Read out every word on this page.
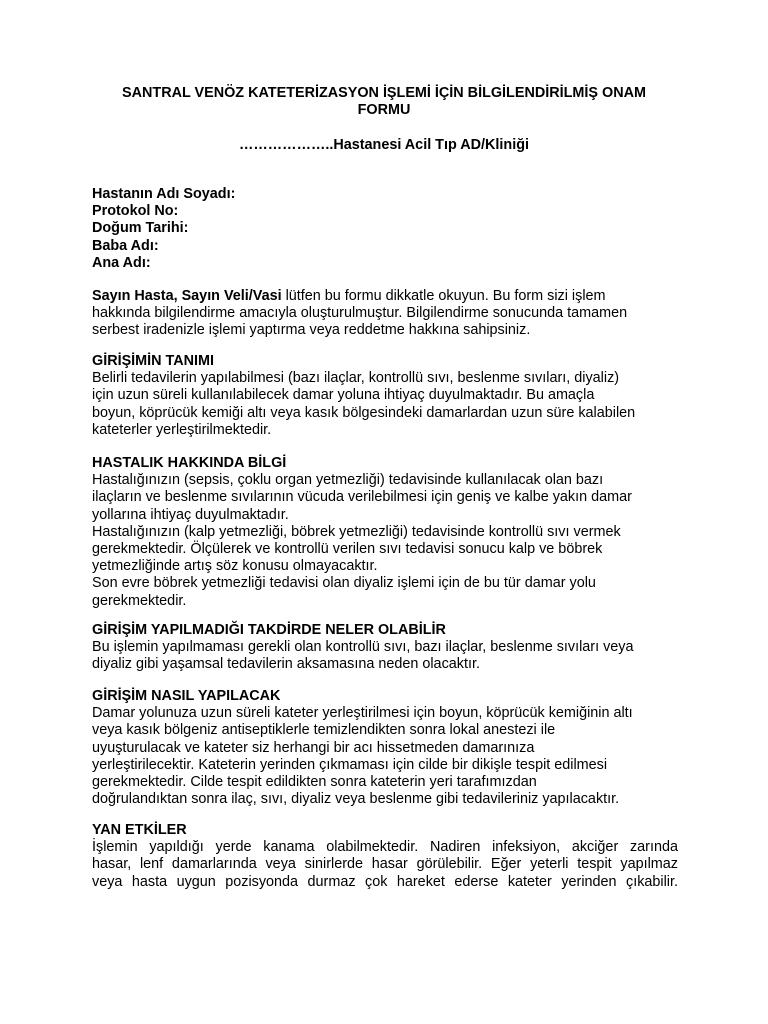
SANTRAL VENÖZ KATETERİZASYON İŞLEMİ İÇİN BİLGİLENDİRİLMİŞ ONAM
FORMU
………………..Hastanesi Acil Tıp AD/Kliniği
Hastanın Adı Soyadı:
Protokol No:
Doğum Tarihi:
Baba Adı:
Ana Adı:
Sayın Hasta, Sayın Veli/Vasi lütfen bu formu dikkatle okuyun. Bu form sizi işlem
hakkında bilgilendirme amacıyla oluşturulmuştur. Bilgilendirme sonucunda tamamen
serbest iradenizle işlemi yaptırma veya reddetme hakkına sahipsiniz.
GİRİŞİMİN TANIMI
Belirli tedavilerin yapılabilmesi (bazı ilaçlar, kontrollü sıvı, beslenme sıvıları, diyaliz)
için uzun süreli kullanılabilecek damar yoluna ihtiyaç duyulmaktadır. Bu amaçla
boyun, köprücük kemiği altı veya kasık bölgesindeki damarlardan uzun süre kalabilen
kateterler yerleştirilmektedir.
HASTALIK HAKKINDA BİLGİ
Hastalığınızın (sepsis, çoklu organ yetmezliği) tedavisinde kullanılacak olan bazı
ilaçların ve beslenme sıvılarının vücuda verilebilmesi için geniş ve kalbe yakın damar
yollarına ihtiyaç duyulmaktadır.
Hastalığınızın (kalp yetmezliği, böbrek yetmezliği) tedavisinde kontrollü sıvı vermek
gerekmektedir. Ölçülerek ve kontrollü verilen sıvı tedavisi sonucu kalp ve böbrek
yetmezliğinde artış söz konusu olmayacaktır.
Son evre böbrek yetmezliği tedavisi olan diyaliz işlemi için de bu tür damar yolu
gerekmektedir.
GİRİŞİM YAPILMADIĞI TAKDİRDE NELER OLABİLİR
Bu işlemin yapılmaması gerekli olan kontrollü sıvı, bazı ilaçlar, beslenme sıvıları veya
diyaliz gibi yaşamsal tedavilerin aksamasına neden olacaktır.
GİRİŞİM NASIL YAPILACAK
Damar yolunuza uzun süreli kateter yerleştirilmesi için boyun, köprücük kemiğinin altı
veya kasık bölgeniz antiseptiklerle temizlendikten sonra lokal anestezi ile
uyuşturulacak ve kateter siz herhangi bir acı hissetmeden damarınıza
yerleştirilecektir. Kateterin yerinden çıkmaması için cilde bir dikişle tespit edilmesi
gerekmektedir. Cilde tespit edildikten sonra kateterin yeri tarafımızdan
doğrulandıktan sonra ilaç, sıvı, diyaliz veya beslenme gibi tedavileriniz yapılacaktır.
YAN ETKİLER
İşlemin yapıldığı yerde kanama olabilmektedir. Nadiren infeksiyon, akciğer zarında
hasar, lenf damarlarında veya sinirlerde hasar görülebilir. Eğer yeterli tespit yapılmaz
veya hasta uygun pozisyonda durmaz çok hareket ederse kateter yerinden çıkabilir.
